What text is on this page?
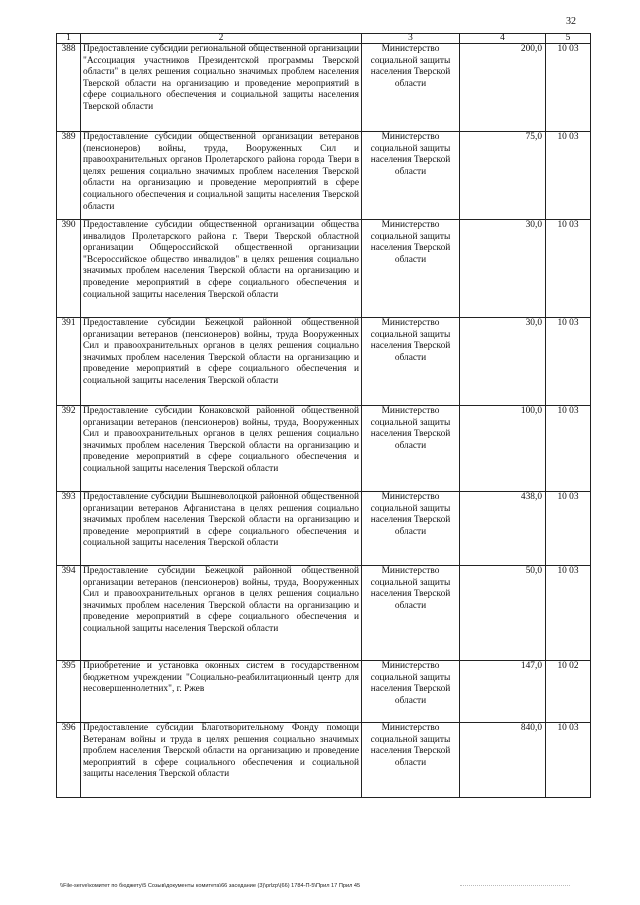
32
1	2	3	4	5
388	Предоставление субсидии региональной общественной организации "Ассоциация участников Президентской программы Тверской области" в целях решения социально значимых проблем населения Тверской области на организацию и проведение мероприятий в сфере социального обеспечения и социальной защиты населения Тверской области	Министерство социальной защиты населения Тверской области	200,0	10 03
389	Предоставление субсидии общественной организации ветеранов (пенсионеров) войны, труда, Вооруженных Сил и правоохранительных органов Пролетарского района города Твери в целях решения социально значимых проблем населения Тверской области на организацию и проведение мероприятий в сфере социального обеспечения и социальной защиты населения Тверской области	Министерство социальной защиты населения Тверской области	75,0	10 03
390	Предоставление субсидии общественной организации общества инвалидов Пролетарского района г. Твери Тверской областной организации Общероссийской общественной организации "Всероссийское общество инвалидов" в целях решения социально значимых проблем населения Тверской области на организацию и проведение мероприятий в сфере социального обеспечения и социальной защиты населения Тверской области	Министерство социальной защиты населения Тверской области	30,0	10 03
391	Предоставление субсидии Бежецкой районной общественной организации ветеранов (пенсионеров) войны, труда Вооруженных Сил и правоохранительных органов в целях решения социально значимых проблем населения Тверской области на организацию и проведение мероприятий в сфере социального обеспечения и социальной защиты населения Тверской области	Министерство социальной защиты населения Тверской области	30,0	10 03
392	Предоставление субсидии Конаковской районной общественной организации ветеранов (пенсионеров) войны, труда, Вооруженных Сил и правоохранительных органов в целях решения социально значимых проблем населения Тверской области на организацию и проведение мероприятий в сфере социального обеспечения и социальной защиты населения Тверской области	Министерство социальной защиты населения Тверской области	100,0	10 03
393	Предоставление субсидии Вышневолоцкой районной общественной организации ветеранов Афганистана в целях решения социально значимых проблем населения Тверской области на организацию и проведение мероприятий в сфере социального обеспечения и социальной защиты населения Тверской области	Министерство социальной защиты населения Тверской области	438,0	10 03
394	Предоставление субсидии Бежецкой районной общественной организации ветеранов (пенсионеров) войны, труда, Вооруженных Сил и правоохранительных органов в целях решения социально значимых проблем населения Тверской области на организацию и проведение мероприятий в сфере социального обеспечения и социальной защиты населения Тверской области	Министерство социальной защиты населения Тверской области	50,0	10 03
395	Приобретение и установка оконных систем в государственном бюджетном учреждении "Социально-реабилитационный центр для несовершеннолетних", г. Ржев	Министерство социальной защиты населения Тверской области	147,0	10 02
396	Предоставление субсидии Благотворительному Фонду помощи Ветеранам войны и труда в целях решения социально значимых проблем населения Тверской области на организацию и проведение мероприятий в сфере социального обеспечения и социальной защиты населения Тверской области	Министерство социальной защиты населения Тверской области	840,0	10 03
\\File-serve\комитет по бюджету\5 Созыв\документы комитета\66 заседание (3)\prlzp\(66) 1784-П-5\Прил 17 Прил 45
